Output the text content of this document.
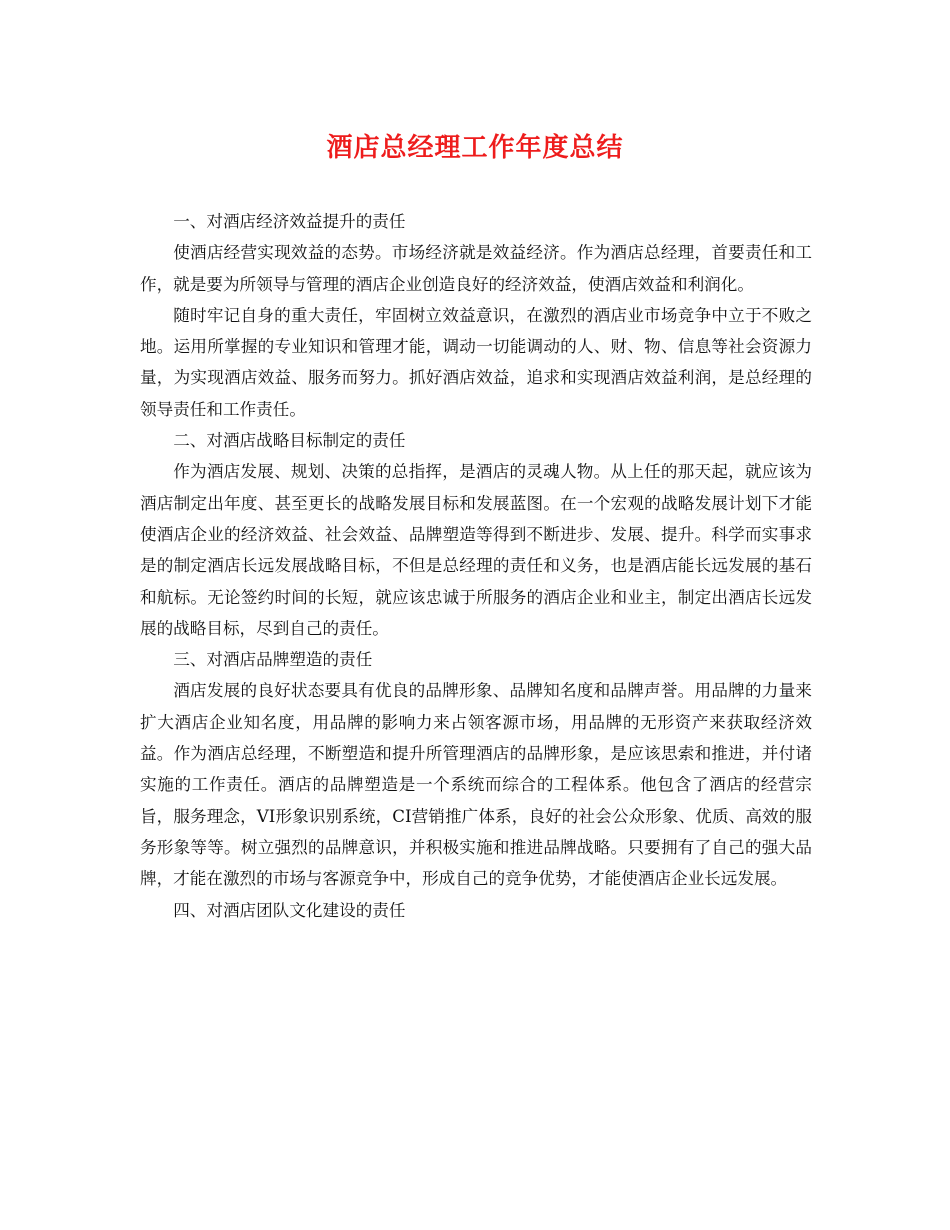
酒店总经理工作年度总结

一、对酒店经济效益提升的责任

使酒店经营实现效益的态势。市场经济就是效益经济。作为酒店总经理，首要责任和工作，就是要为所领导与管理的酒店企业创造良好的经济效益，使酒店效益和利润化。

随时牢记自身的重大责任，牢固树立效益意识，在激烈的酒店业市场竞争中立于不败之地。运用所掌握的专业知识和管理才能，调动一切能调动的人、财、物、信息等社会资源力量，为实现酒店效益、服务而努力。抓好酒店效益，追求和实现酒店效益利润，是总经理的领导责任和工作责任。

二、对酒店战略目标制定的责任

作为酒店发展、规划、决策的总指挥，是酒店的灵魂人物。从上任的那天起，就应该为酒店制定出年度、甚至更长的战略发展目标和发展蓝图。在一个宏观的战略发展计划下才能使酒店企业的经济效益、社会效益、品牌塑造等得到不断进步、发展、提升。科学而实事求是的制定酒店长远发展战略目标，不但是总经理的责任和义务，也是酒店能长远发展的基石和航标。无论签约时间的长短，就应该忠诚于所服务的酒店企业和业主，制定出酒店长远发展的战略目标，尽到自己的责任。

三、对酒店品牌塑造的责任

酒店发展的良好状态要具有优良的品牌形象、品牌知名度和品牌声誉。用品牌的力量来扩大酒店企业知名度，用品牌的影响力来占领客源市场，用品牌的无形资产来获取经济效益。作为酒店总经理，不断塑造和提升所管理酒店的品牌形象，是应该思索和推进，并付诸实施的工作责任。酒店的品牌塑造是一个系统而综合的工程体系。他包含了酒店的经营宗旨，服务理念，VI形象识别系统，CI营销推广体系，良好的社会公众形象、优质、高效的服务形象等等。树立强烈的品牌意识，并积极实施和推进品牌战略。只要拥有了自己的强大品牌，才能在激烈的市场与客源竞争中，形成自己的竞争优势，才能使酒店企业长远发展。

四、对酒店团队文化建设的责任
